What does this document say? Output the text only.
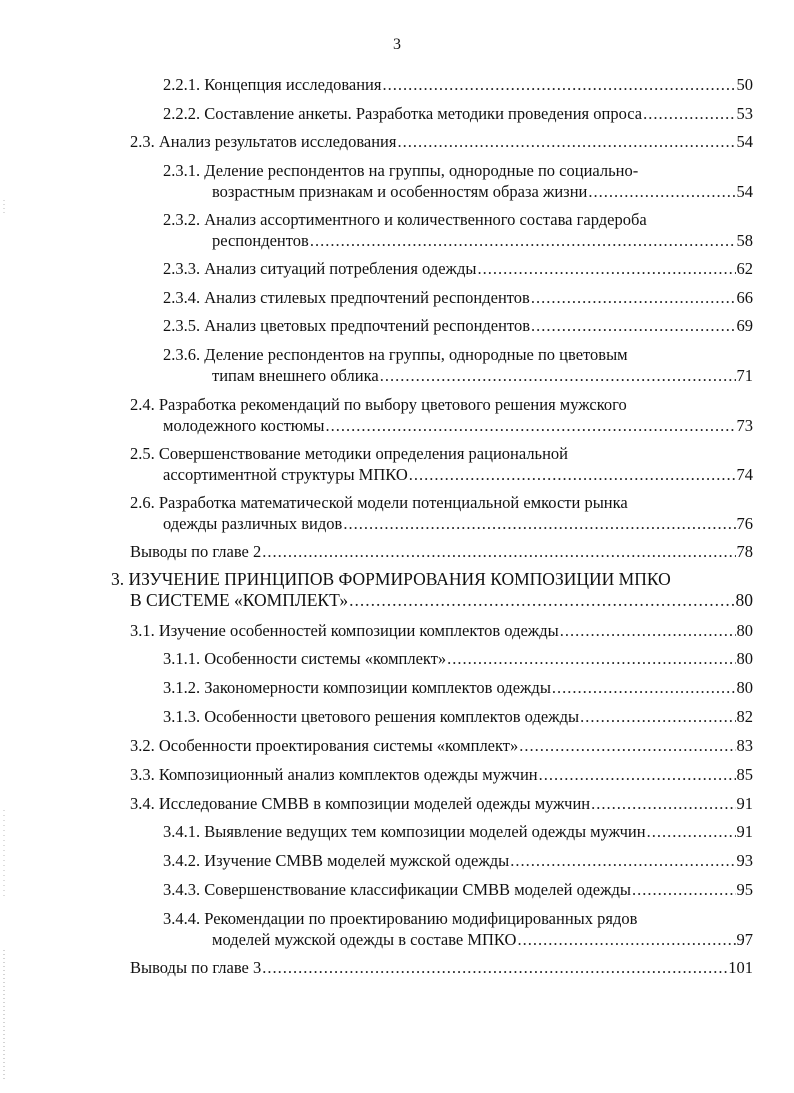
3
2.2.1. Концепция исследования .....	50
2.2.2. Составление анкеты. Разработка методики проведения опроса .....	53
2.3. Анализ результатов исследования .....	54
2.3.1. Деление респондентов на группы, однородные по социально-
возрастным признакам и особенностям образа жизни .....	54
2.3.2. Анализ ассортиментного и количественного состава гардероба
респондентов .....	58
2.3.3. Анализ ситуаций потребления одежды .....	62
2.3.4. Анализ стилевых предпочтений респондентов .....	66
2.3.5. Анализ цветовых предпочтений респондентов .....	69
2.3.6. Деление респондентов на группы, однородные по цветовым
типам внешнего облика .....	71
2.4. Разработка рекомендаций по выбору цветового решения мужского
молодежного костюмы .....	73
2.5. Совершенствование методики определения рациональной
ассортиментной структуры МПКО .....	74
2.6. Разработка математической модели потенциальной емкости рынка
одежды различных видов .....	76
Выводы по главе 2 .....	78
3. ИЗУЧЕНИЕ ПРИНЦИПОВ ФОРМИРОВАНИЯ КОМПОЗИЦИИ МПКО
В СИСТЕМЕ «КОМПЛЕКТ» .....	80
3.1. Изучение особенностей композиции комплектов одежды .....	80
3.1.1. Особенности системы «комплект» .....	80
3.1.2. Закономерности композиции комплектов одежды .....	80
3.1.3. Особенности цветового решения комплектов одежды .....	82
3.2. Особенности проектирования системы «комплект» .....	83
3.3. Композиционный анализ комплектов одежды мужчин .....	85
3.4. Исследование СМВВ в композиции моделей одежды мужчин .....	91
3.4.1. Выявление ведущих тем композиции моделей одежды мужчин .....	91
3.4.2. Изучение СМВВ моделей мужской одежды .....	93
3.4.3. Совершенствование классификации СМВВ моделей одежды .....	95
3.4.4. Рекомендации по проектированию модифицированных рядов
моделей мужской одежды в составе МПКО .....	97
Выводы по главе 3 .....	101
